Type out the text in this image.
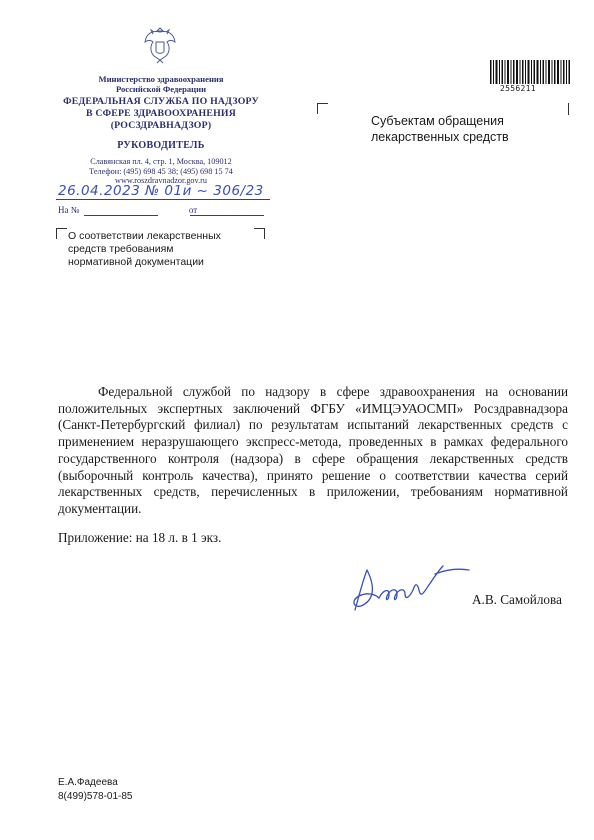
Министерство здравоохранения
Российской Федерации
ФЕДЕРАЛЬНАЯ СЛУЖБА ПО НАДЗОРУ
В СФЕРЕ ЗДРАВООХРАНЕНИЯ
(РОСЗДРАВНАДЗОР)
РУКОВОДИТЕЛЬ
Славянская пл. 4, стр. 1, Москва, 109012
Телефон: (495) 698 45 38; (495) 698 15 74
www.roszdravnadzor.gov.ru
26.04.2023 № 01и ~ 306/23
На №	от
О соответствии лекарственных
средств требованиям
нормативной документации
2556211
Субъектам обращения
лекарственных средств
Федеральной службой по надзору в сфере здравоохранения на основании положительных экспертных заключений ФГБУ «ИМЦЭУАОСМП» Росздравнадзора (Санкт-Петербургский филиал) по результатам испытаний лекарственных средств с применением неразрушающего экспресс-метода, проведенных в рамках федерального государственного контроля (надзора) в сфере обращения лекарственных средств (выборочный контроль качества), принято решение о соответствии качества серий лекарственных средств, перечисленных в приложении, требованиям нормативной документации.
Приложение: на 18 л. в 1 экз.
А.В. Самойлова
Е.А.Фадеева
8(499)578-01-85
